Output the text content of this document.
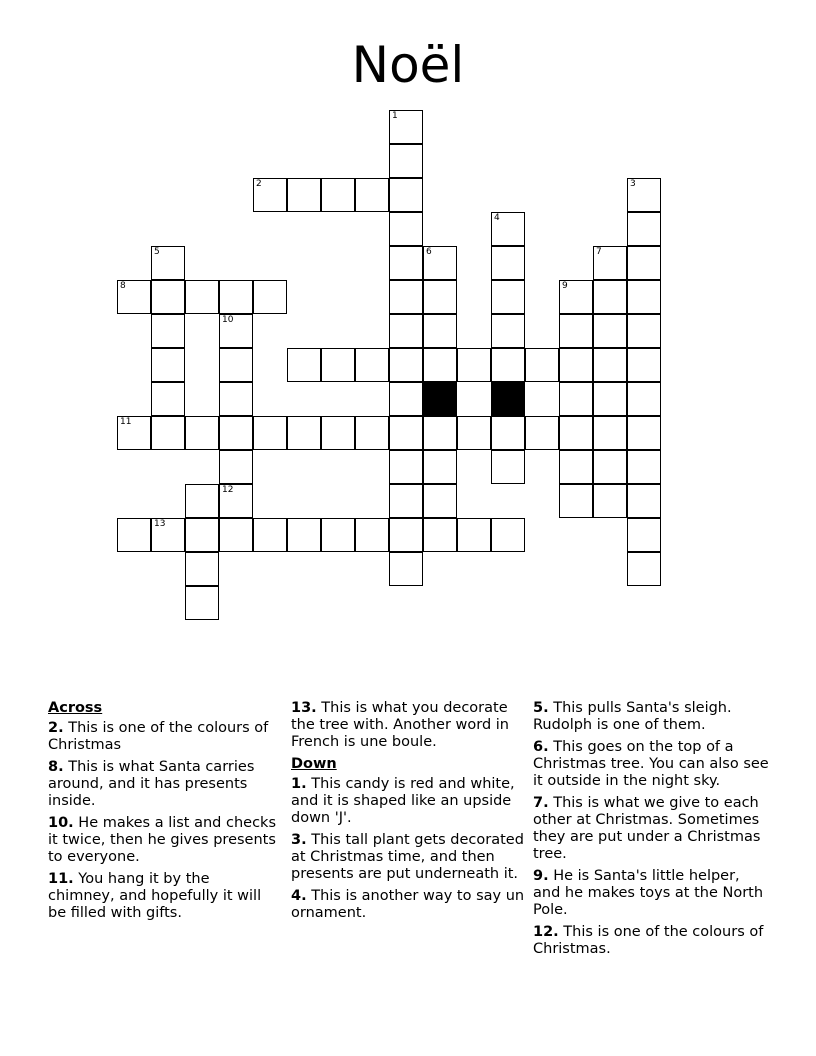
Noël
1
2	3
4
5	6	7
8	9
10
12
11
13

Across

2. This is one of the colours of Christmas

8. This is what Santa carries around, and it has presents inside.

10. He makes a list and checks it twice, then he gives presents to everyone.

11. You hang it by the chimney, and hopefully it will be filled with gifts.

13. This is what you decorate the tree with. Another word in French is une boule.

Down

1. This candy is red and white, and it is shaped like an upside down 'J'.

3. This tall plant gets decorated at Christmas time, and then presents are put underneath it.

4. This is another way to say un ornament.

5. This pulls Santa's sleigh. Rudolph is one of them.

6. This goes on the top of a Christmas tree. You can also see it outside in the night sky.

7. This is what we give to each other at Christmas. Sometimes they are put under a Christmas tree.

9. He is Santa's little helper, and he makes toys at the North Pole.

12. This is one of the colours of Christmas.
